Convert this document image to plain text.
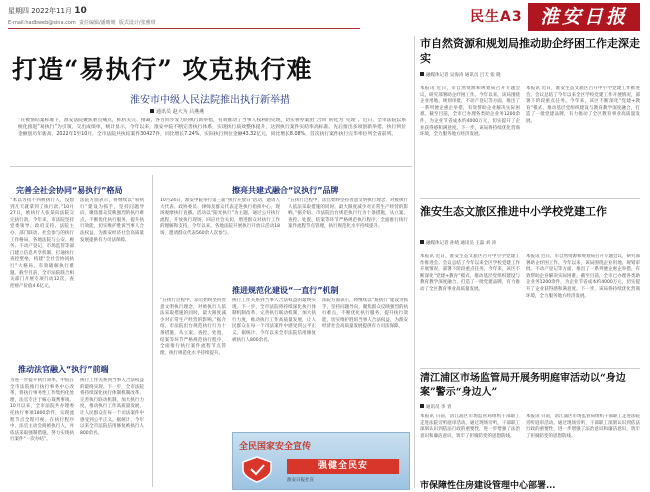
星期四 2022年11月 10
E-mail:hadbweb@sina.com 责任编辑/潘晴晴 版式设计/张雅琪	民生A3 淮安日报
打造“易执行” 攻克执行难
淮安市中级人民法院推出执行新举措
通讯员 赵大为 吕燕燕
“在被情结案标准下，淮安法院聚焦难点痛点，抓机关完、推凝，各方同步发力的执行新举措，有效推动了当事人权利的兑现，切实将办案由“合同”转化为“兑现”。”近日，全市法院以系统化推进“易执行”为引领，交出成绩单，统计显示，今年以来，淮安中院不断完善执行体系，实现执行质效整体提升，达到执行案件实结率高标准。先后推出多项创新举措，执行到位金额创历年新高，2022年1至10月，全市法院共执结案件30427件，同比增长7.24%，实际执行到位金额43.32亿元，同比增长8.08%，首次执行案件执行完毕率位列全省前列。
完善全社会协同“易执行”格局
“本以为找不到被执行人，没想到几天就拿到了执行款。”10月27日，被执行人张某向法院交完执行款。今年来，市法院坚持党委领导、政府支持、法院主办、部门联动、社会参与的执行工作格局，各地法院与公安、税务、不动产登记、市场监管等部门建立信息共享机制，打通执行查控壁垒，构建“全社会协同执行”大格局，有效破解执行难题。截至目前，全市法院联合相关部门开展专项行动12次，查控财产价值4.6亿元。
法院方面表示，将继续以“易执行”建设为抓手，坚持问题导向，聚焦群众反映强烈的执行难点，不断优化执行服务，提升执行效能，切实维护胜诉当事人合法权益，为淮安经济社会高质量发展提供有力司法保障。
推动法官融入“执行”前端
为进一步提升执行效率，中院在全市法院推行执行事务中心改革，将执行事务性工作集约化处理，法官专注于核心裁判事项。10月以来，全市法院共办理委托执行事项1800余件，实现流程节点全程可视。在执行程序中，法官主动会商被执行人，并依法采取强制措施，努力实现执行案件“一次办结”。
执行工作关系到当事人合法权益的最终实现。下一步，全市法院将持续深化执行体制机制改革，完善执行联动机制，加大执行力度，推动执行工作高质量发展，让人民群众在每一个司法案件中感受到公平正义。据统计，今年以来全市法院信用修复被执行人800余名。
擦亮共建式融合“议执行”品牌
10月24日，淮安中院举行第三届“执行开放日”活动，邀请人大代表、政协委员、律师及群众代表走进执行指挥中心，现场观摩执行直播。活动以“阳光执行”为主题，通过公开执行流程、开放执行现场，回应社会关切，增进群众对执行工作的理解和支持。今年以来，各地法院开展执行开放日活动18场，邀请群众代表560余人次参与。
“在执行过程中，法官始终坚持善意文明执行理念，对被执行人依法采取措施的同时，最大限度减少对正常生产经营的影响。”据介绍，市法院出台规范执行行为十条措施，从立案、查控、处置、结案等环节严格规范执行程序，全面推行执行案件流程节点管理，执行规范化水平持续提升。
推进规范化建设“一直行”机制
“在执行过程中，法官始终坚持善意文明执行理念，对被执行人依法采取措施的同时，最大限度减少对正常生产经营的影响。”据介绍，市法院出台规范执行行为十条措施，从立案、查控、处置、结案等环节严格规范执行程序，全面推行执行案件流程节点管理，执行规范化水平持续提升。
执行工作关系到当事人合法权益的最终实现。下一步，全市法院将持续深化执行体制机制改革，完善执行联动机制，加大执行力度，推动执行工作高质量发展，让人民群众在每一个司法案件中感受到公平正义。据统计，今年以来全市法院信用修复被执行人800余名。
法院方面表示，将继续以“易执行”建设为抓手，坚持问题导向，聚焦群众反映强烈的执行难点，不断优化执行服务，提升执行效能，切实维护胜诉当事人合法权益，为淮安经济社会高质量发展提供有力司法保障。
全民国家安全宣传
强健全民安
淮安日报社宣
市自然资源和规划局推动助企纾困工作走深走实
融媒体记者 吴海涛 通讯员 吕天 张 晓
本报讯 近日，市自然资源和规划局召开专题会议，研究部署助企纾困工作。今年以来，该局围绕企业用地、规划审批、不动产登记等方面，推出了一系列便企惠企举措，有效帮助企业解决实际困难。截至目前，全市已办理各类助企业务1200余件，为企业节省成本约4000万元，切实提升了企业获得感和满意度。下一步，该局将持续优化营商环境，全力服务地方经济发展。
本报讯 近日，淮安生态文旅区召开中小学党建工作推进会。会议总结了今年以来全区学校党建工作开展情况，部署下阶段重点任务。今年来，该区不断深化“党建+教育”模式，推动基层党组织建设与教育教学深度融合，打造了一批党建品牌，有力推动了全区教育事业高质量发展。
淮安生态文旅区推进中小学校党建工作
融媒体记者 孙婧 通讯员 王磊 刘 涛
本报讯 近日，淮安生态文旅区召开中小学党建工作推进会。会议总结了今年以来全区学校党建工作开展情况，部署下阶段重点任务。今年来，该区不断深化“党建+教育”模式，推动基层党组织建设与教育教学深度融合，打造了一批党建品牌，有力推动了全区教育事业高质量发展。
本报讯 近日，市自然资源和规划局召开专题会议，研究部署助企纾困工作。今年以来，该局围绕企业用地、规划审批、不动产登记等方面，推出了一系列便企惠企举措，有效帮助企业解决实际困难。截至目前，全市已办理各类助企业务1200余件，为企业节省成本约4000万元，切实提升了企业获得感和满意度。下一步，该局将持续优化营商环境，全力服务地方经济发展。
清江浦区市场监管局开展务明庭审活动以“身边案”警示“身边人”
通讯员 李 青
本报讯 日前，清江浦区市场监管局组织干部职工走进法院旁听庭审活动。通过现场旁听，干部职工深刻认识到依法行政的重要性，进一步增强了法治意识和廉洁意识，筑牢了拒腐防变的思想防线。
本报讯 日前，清江浦区市场监管局组织干部职工走进法院旁听庭审活动。通过现场旁听，干部职工深刻认识到依法行政的重要性，进一步增强了法治意识和廉洁意识，筑牢了拒腐防变的思想防线。
市保障性住房建设管理中心部署...
